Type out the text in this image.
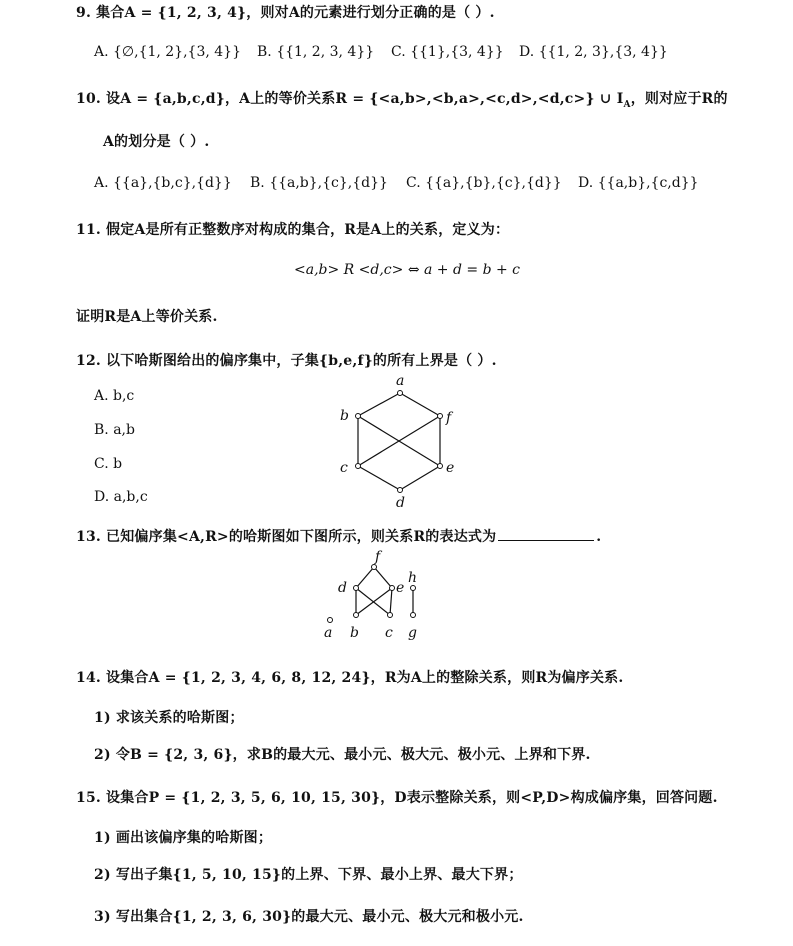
9. 集合A = {1, 2, 3, 4}，则对A的元素进行划分正确的是（ ）.
A. {∅,{1, 2},{3, 4}} B. {{1, 2, 3, 4}} C. {{1},{3, 4}} D. {{1, 2, 3},{3, 4}}
10. 设A = {a,b,c,d}，A上的等价关系R = {<a,b>,<b,a>,<c,d>,<d,c>} ∪ $I_A$，则对应于R的
A的划分是（ ）.
A. {{a},{b,c},{d}} B. {{a,b},{c},{d}} C. {{a},{b},{c},{d}} D. {{a,b},{c,d}}
11. 假定A是所有正整数序对构成的集合，R是A上的关系，定义为：
<a,b> R <d,c> ⇔ a + d = b + c
证明R是A上等价关系.
12. 以下哈斯图给出的偏序集中，子集{b,e,f}的所有上界是（ ）.
A. b,c
B. a,b
C. b
D. a,b,c
a
b	f
c	e
d
13. 已知偏序集<A,R>的哈斯图如下图所示，则关系R的表达式为	.
f
d	e
h
a b c g
14. 设集合A = {1, 2, 3, 4, 6, 8, 12, 24}，R为A上的整除关系，则R为偏序关系.
1) 求该关系的哈斯图；
2) 令B = {2, 3, 6}，求B的最大元、最小元、极大元、极小元、上界和下界.
15. 设集合P = {1, 2, 3, 5, 6, 10, 15, 30}，D表示整除关系，则<P,D>构成偏序集，回答问题.
1) 画出该偏序集的哈斯图；
2) 写出子集{1, 5, 10, 15}的上界、下界、最小上界、最大下界；
3) 写出集合{1, 2, 3, 6, 30}的最大元、最小元、极大元和极小元.
